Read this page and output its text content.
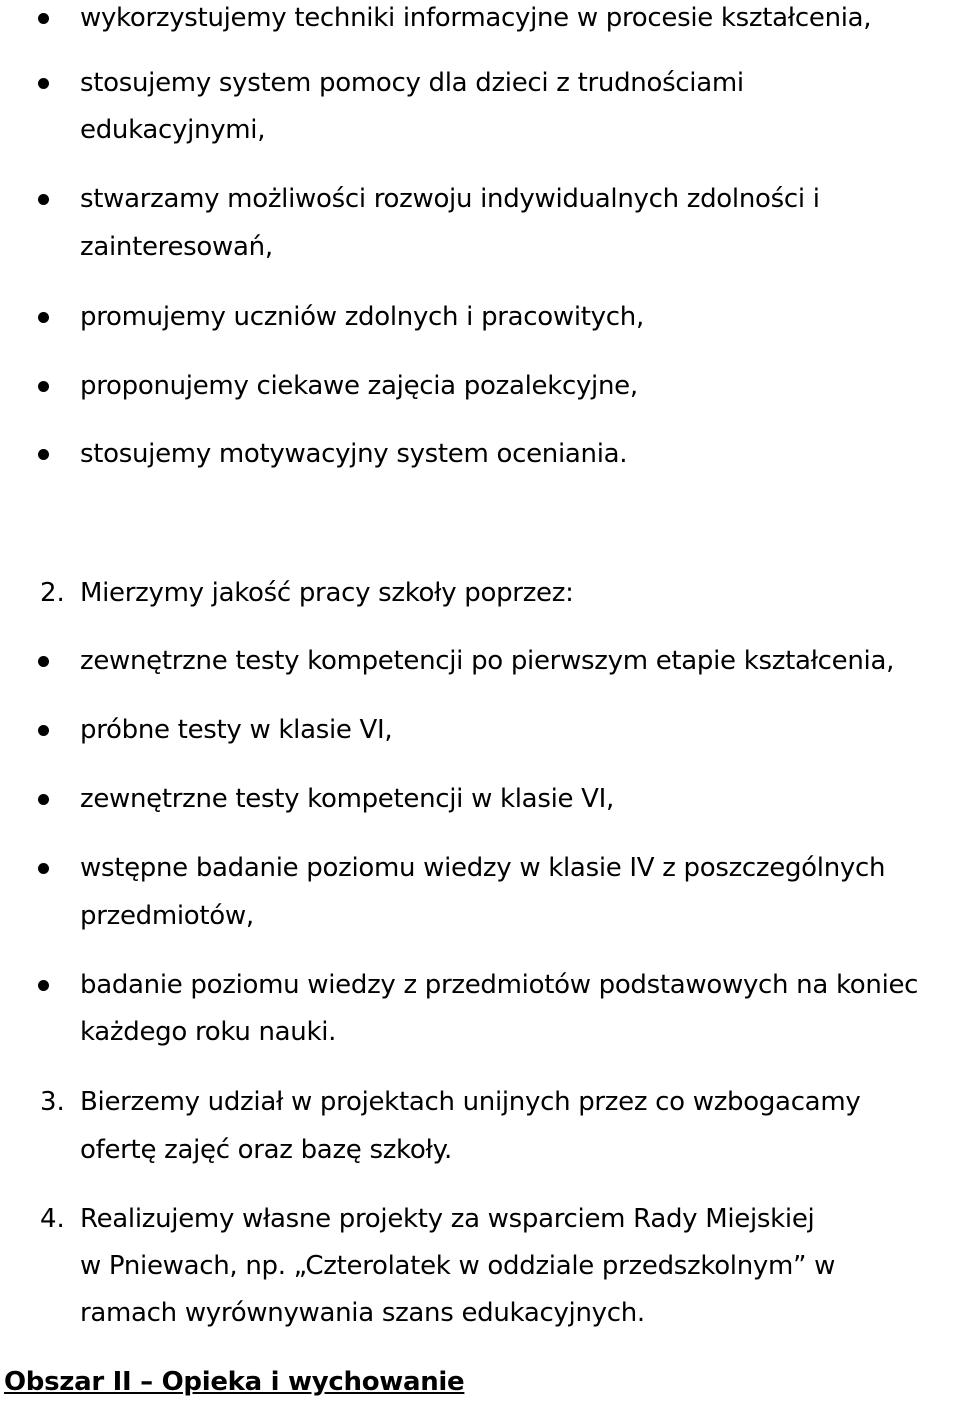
wykorzystujemy techniki informacyjne w procesie kształcenia,
stosujemy system pomocy dla dzieci z trudnościami
edukacyjnymi,
stwarzamy możliwości rozwoju indywidualnych zdolności i
zainteresowań,
promujemy uczniów zdolnych i pracowitych,
proponujemy ciekawe zajęcia pozalekcyjne,
stosujemy motywacyjny system oceniania.
2. Mierzymy jakość pracy szkoły poprzez:
zewnętrzne testy kompetencji po pierwszym etapie kształcenia,
próbne testy w klasie VI,
zewnętrzne testy kompetencji w klasie VI,
wstępne badanie poziomu wiedzy w klasie IV z poszczególnych
przedmiotów,
badanie poziomu wiedzy z przedmiotów podstawowych na koniec
każdego roku nauki.
3. Bierzemy udział w projektach unijnych przez co wzbogacamy
ofertę zajęć oraz bazę szkoły.
4. Realizujemy własne projekty za wsparciem Rady Miejskiej
w Pniewach, np. „Czterolatek w oddziale przedszkolnym” w
ramach wyrównywania szans edukacyjnych.
Obszar II – Opieka i wychowanie
